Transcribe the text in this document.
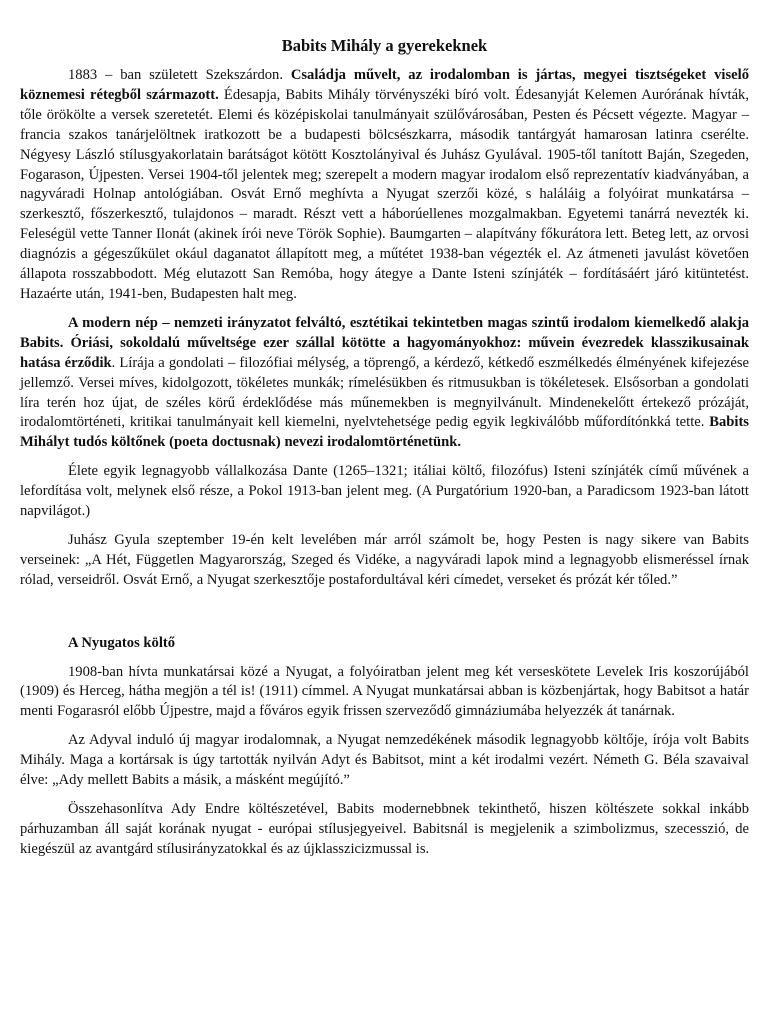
Babits Mihály a gyerekeknek

1883 – ban született Szekszárdon. Családja művelt, az irodalomban is jártas, megyei tisztségeket viselő köznemesi rétegből származott. Édesapja, Babits Mihály törvényszéki bíró volt. Édesanyját Kelemen Aurórának hívták, tőle örökölte a versek szeretetét. Elemi és középiskolai tanulmányait szülővárosában, Pesten és Pécsett végezte. Magyar – francia szakos tanárjelöltnek iratkozott be a budapesti bölcsészkarra, második tantárgyát hamarosan latinra cserélte. Négyesy László stílusgyakorlatain barátságot kötött Kosztolányival és Juhász Gyulával. 1905-től tanított Baján, Szegeden, Fogarason, Újpesten. Versei 1904-től jelentek meg; szerepelt a modern magyar irodalom első reprezentatív kiadványában, a nagyváradi Holnap antológiában. Osvát Ernő meghívta a Nyugat szerzői közé, s haláláig a folyóirat munkatársa – szerkesztő, főszerkesztő, tulajdonos – maradt. Részt vett a háborúellenes mozgalmakban. Egyetemi tanárrá nevezték ki. Feleségül vette Tanner Ilonát (akinek írói neve Török Sophie). Baumgarten – alapítvány főkurátora lett. Beteg lett, az orvosi diagnózis a gégeszűkület okául daganatot állapított meg, a műtétet 1938-ban végezték el. Az átmeneti javulást követően állapota rosszabbodott. Még elutazott San Remóba, hogy átegye a Dante Isteni színjáték – fordításáért járó kitüntetést. Hazaérte után, 1941-ben, Budapesten halt meg.

A modern nép – nemzeti irányzatot felváltó, esztétikai tekintetben magas szintű irodalom kiemelkedő alakja Babits. Óriási, sokoldalú műveltsége ezer szállal kötötte a hagyományokhoz: művein évezredek klasszikusainak hatása érződik. Lírája a gondolati – filozófiai mélység, a töprengő, a kérdező, kétkedő eszmélkedés élményének kifejezése jellemző. Versei míves, kidolgozott, tökéletes munkák; rímelésükben és ritmusukban is tökéletesek. Elsősorban a gondolati líra terén hoz újat, de széles körű érdeklődése más műnemekben is megnyilvánult. Mindenekelőtt értekező prózáját, irodalomtörténeti, kritikai tanulmányait kell kiemelni, nyelvtehetsége pedig egyik legkiválóbb műfordítónkká tette. Babits Mihályt tudós költőnek (poeta doctusnak) nevezi irodalomtörténetünk.

Élete egyik legnagyobb vállalkozása Dante (1265–1321; itáliai költő, filozófus) Isteni színjáték című művének a lefordítása volt, melynek első része, a Pokol 1913-ban jelent meg. (A Purgatórium 1920-ban, a Paradicsom 1923-ban látott napvilágot.)

Juhász Gyula szeptember 19-én kelt levelében már arról számolt be, hogy Pesten is nagy sikere van Babits verseinek: „A Hét, Független Magyarország, Szeged és Vidéke, a nagyváradi lapok mind a legnagyobb elismeréssel írnak rólad, verseidről. Osvát Ernő, a Nyugat szerkesztője postafordultával kéri címedet, verseket és prózát kér tőled.”

A Nyugatos költő

1908-ban hívta munkatársai közé a Nyugat, a folyóiratban jelent meg két verseskötete Levelek Iris koszorújából (1909) és Herceg, hátha megjön a tél is! (1911) címmel. A Nyugat munkatársai abban is közbenjártak, hogy Babitsot a határ menti Fogarasról előbb Újpestre, majd a főváros egyik frissen szerveződő gimnáziumába helyezzék át tanárnak.

Az Adyval induló új magyar irodalomnak, a Nyugat nemzedékének második legnagyobb költője, írója volt Babits Mihály. Maga a kortársak is úgy tartották nyilván Adyt és Babitsot, mint a két irodalmi vezért. Németh G. Béla szavaival élve: „Ady mellett Babits a másik, a másként megújító.”

Összehasonlítva Ady Endre költészetével, Babits modernebbnek tekinthető, hiszen költészete sokkal inkább párhuzamban áll saját korának nyugat - európai stílusjegyeivel. Babitsnál is megjelenik a szimbolizmus, szecesszió, de kiegészül az avantgárd stílusirányzatokkal és az újklasszicizmussal is.
